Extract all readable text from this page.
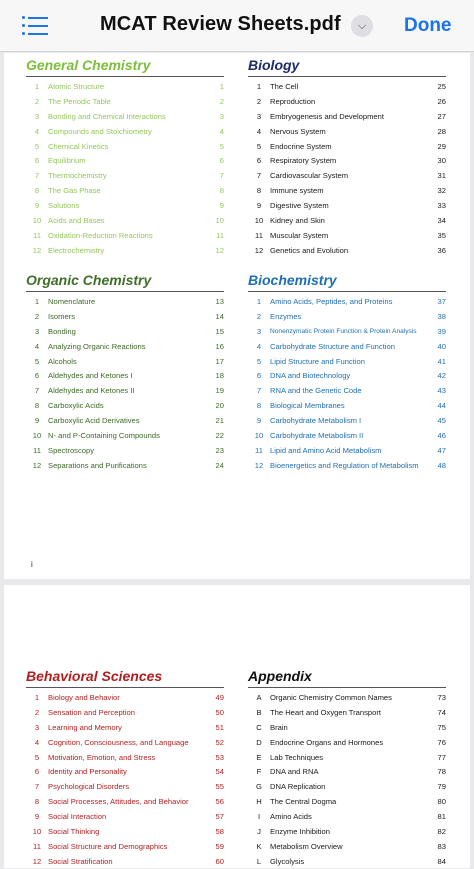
MCAT Review Sheets.pdf	⌵	Done
General Chemistry
1	Atomic Structure	1
2	The Periodic Table	2
3	Bonding and Chemical Interactions	3
4	Compounds and Stoichiometry	4
5	Chemical Kinetics	5
6	Equilibrium	6
7	Thermochemistry	7
8	The Gas Phase	8
9	Solutions	9
10 Acids and Bases	10
11 Oxidation-Reduction Reactions	11
12 Electrochemistry	12
Biology
1	The Cell	25
2	Reproduction	26
3	Embryogenesis and Development	27
4	Nervous System	28
5	Endocrine System	29
6	Respiratory System	30
7	Cardiovascular System	31
8	Immune system	32
9	Digestive System	33
10 Kidney and Skin	34
11 Muscular System	35
12 Genetics and Evolution	36
Organic Chemistry
1	Nomenclature	13
2	Isomers	14
3	Bonding	15
4	Analyzing Organic Reactions	16
5	Alcohols	17
6	Aldehydes and Ketones I	18
7	Aldehydes and Ketones II	19
8	Carboxylic Acids	20
9	Carboxylic Acid Derivatives	21
10 N- and P-Containing Compounds	22
11 Spectroscopy	23
12 Separations and Purifications	24
Biochemistry
1	Amino Acids, Peptides, and Proteins	37
2	Enzymes	38
3	Nonenzymatic Protein Function & Protein Analysis	39
4	Carbohydrate Structure and Function	40
5	Lipid Structure and Function	41
6	DNA and Biotechnology	42
7	RNA and the Genetic Code	43
8	Biological Membranes	44
9	Carbohydrate Metabolism I	45
10 Carbohydrate Metabolism II	46
11 Lipid and Amino Acid Metabolism	47
12 Bioenergetics and Regulation of Metabolism	48
i
Behavioral Sciences
1	Biology and Behavior	49
2	Sensation and Perception	50
3	Learning and Memory	51
4	Cognition, Consciousness, and Language	52
5	Motivation, Emotion, and Stress	53
6	Identity and Personality	54
7	Psychological Disorders	55
8	Social Processes, Attitudes, and Behavior	56
9	Social Interaction	57
10 Social Thinking	58
11 Social Structure and Demographics	59
12 Social Stratification	60
Appendix
A	Organic Chemistry Common Names	73
B	The Heart and Oxygen Transport	74
C	Brain	75
D	Endocrine Organs and Hormones	76
E	Lab Techniques	77
F	DNA and RNA	78
G	DNA Replication	79
H	The Central Dogma	80
I	Amino Acids	81
J	Enzyme Inhibition	82
K	Metabolism Overview	83
L	Glycolysis	84
